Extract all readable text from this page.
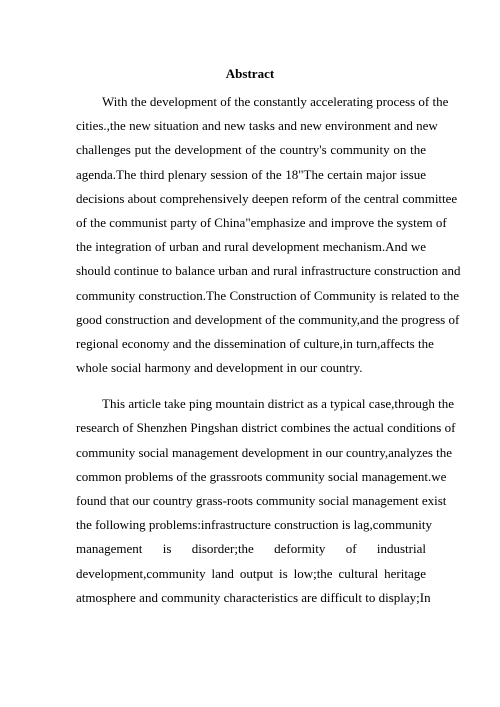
Abstract

With the development of the constantly accelerating process of the
cities.,the new situation and new tasks and new environment and new
challenges put the development of the country's community on the
agenda.The third plenary session of the 18"The certain major issue
decisions about comprehensively deepen reform of the central committee
of the communist party of China"emphasize and improve the system of
the integration of urban and rural development mechanism.And we
should continue to balance urban and rural infrastructure construction and
community construction.The Construction of Community is related to the
good construction and development of the community,and the progress of
regional economy and the dissemination of culture,in turn,affects the
whole social harmony and development in our country.

This article take ping mountain district as a typical case,through the
research of Shenzhen Pingshan district combines the actual conditions of
community social management development in our country,analyzes the
common problems of the grassroots community social management.we
found that our country grass-roots community social management exist
the following problems:infrastructure construction is lag,community
management is disorder;the deformity of industrial
development,community land output is low;the cultural heritage
atmosphere and community characteristics are difficult to display;In
